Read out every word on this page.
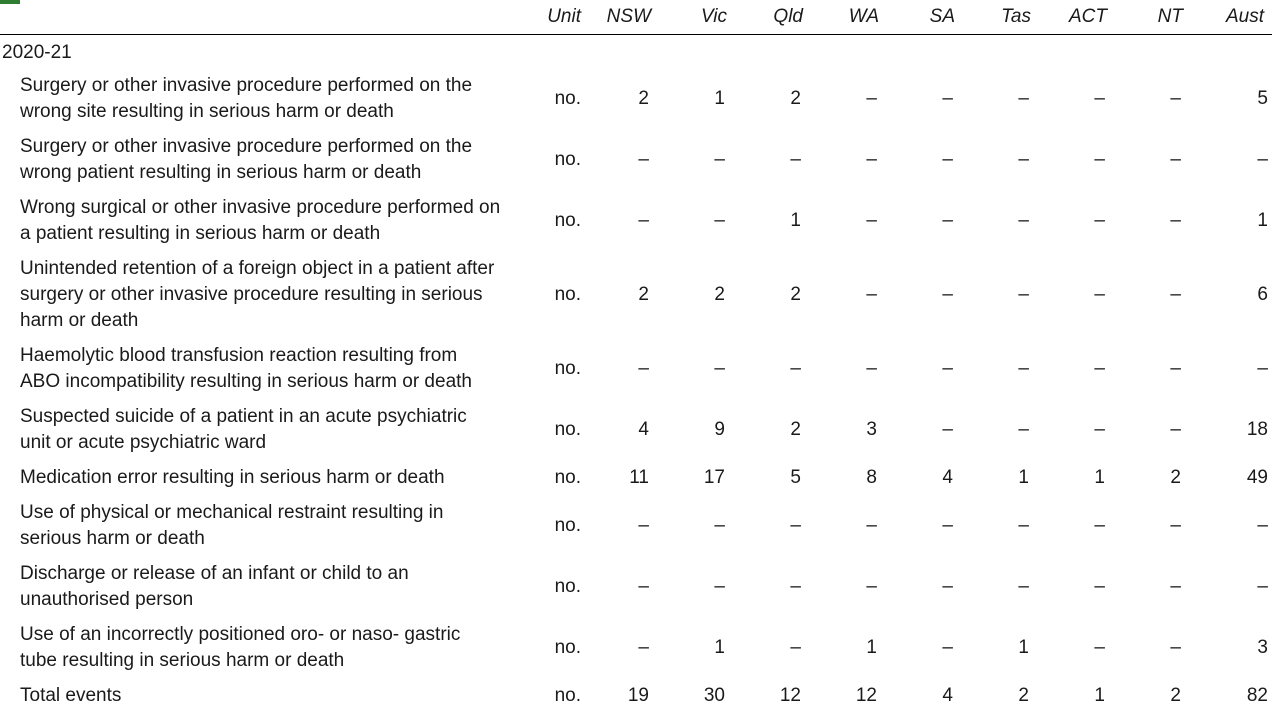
	Unit	NSW	Vic	Qld	WA	SA	Tas	ACT	NT	Aust
2020-21										
Surgery or other invasive procedure performed on the
wrong site resulting in serious harm or death	no.	2	1	2	–	–	–	–	–	5
Surgery or other invasive procedure performed on the
wrong patient resulting in serious harm or death	no.	–	–	–	–	–	–	–	–	–
Wrong surgical or other invasive procedure performed on
a patient resulting in serious harm or death	no.	–	–	1	–	–	–	–	–	1
Unintended retention of a foreign object in a patient after
surgery or other invasive procedure resulting in serious
harm or death	no.	2	2	2	–	–	–	–	–	6
Haemolytic blood transfusion reaction resulting from
ABO incompatibility resulting in serious harm or death	no.	–	–	–	–	–	–	–	–	–
Suspected suicide of a patient in an acute psychiatric
unit or acute psychiatric ward	no.	4	9	2	3	–	–	–	–	18
Medication error resulting in serious harm or death	no.	11	17	5	8	4	1	1	2	49
Use of physical or mechanical restraint resulting in
serious harm or death	no.	–	–	–	–	–	–	–	–	–
Discharge or release of an infant or child to an
unauthorised person	no.	–	–	–	–	–	–	–	–	–
Use of an incorrectly positioned oro- or naso- gastric
tube resulting in serious harm or death	no.	–	1	–	1	–	1	–	–	3
Total events	no.	19	30	12	12	4	2	1	2	82
